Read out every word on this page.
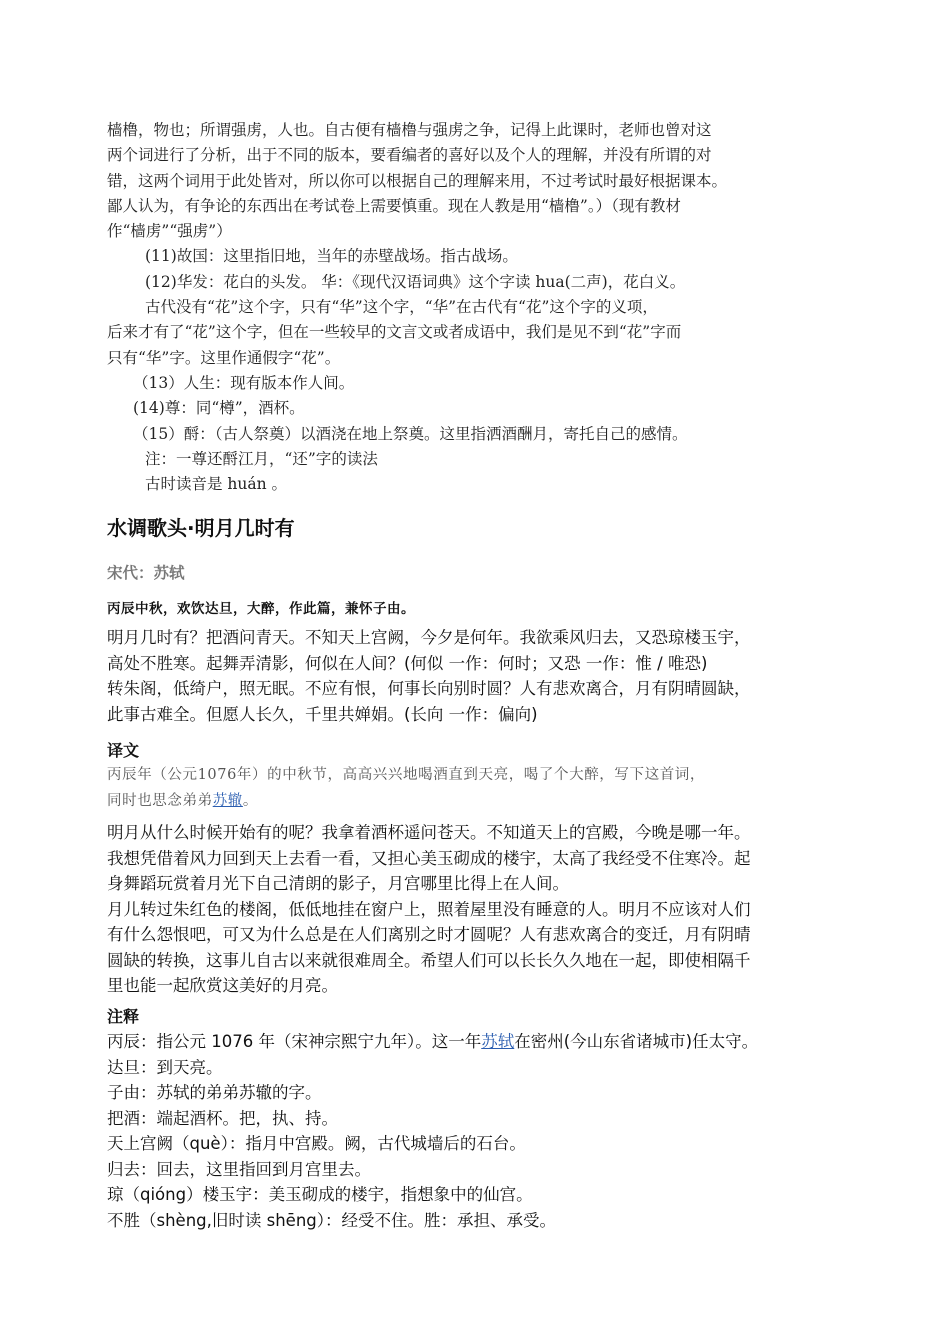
樯橹，物也；所谓强虏，人也。自古便有樯橹与强虏之争，记得上此课时，老师也曾对这

两个词进行了分析，出于不同的版本，要看编者的喜好以及个人的理解，并没有所谓的对

错，这两个词用于此处皆对，所以你可以根据自己的理解来用，不过考试时最好根据课本。

鄙人认为，有争论的东西出在考试卷上需要慎重。现在人教是用“樯橹”。）（现有教材

作“樯虏”“强虏”）

(11)故国：这里指旧地，当年的赤壁战场。指古战场。

(12)华发：花白的头发。 华：《现代汉语词典》这个字读 hua(二声)，花白义。

古代没有“花”这个字，只有“华”这个字，“华”在古代有“花”这个字的义项，

后来才有了“花”这个字，但在一些较早的文言文或者成语中，我们是见不到“花”字而

只有“华”字。这里作通假字“花”。

（13）人生：现有版本作人间。

(14)尊：同“樽”，酒杯。

（15）酹：（古人祭奠）以酒浇在地上祭奠。这里指洒酒酬月，寄托自己的感情。

注：一尊还酹江月，“还”字的读法

古时读音是 huán 。

水调歌头·明月几时有
宋代：苏轼
丙辰中秋，欢饮达旦，大醉，作此篇，兼怀子由。

明月几时有？把酒问青天。不知天上宫阙，今夕是何年。我欲乘风归去，又恐琼楼玉宇，

高处不胜寒。起舞弄清影，何似在人间？(何似 一作：何时；又恐 一作：惟 / 唯恐)

转朱阁，低绮户，照无眠。不应有恨，何事长向别时圆？人有悲欢离合，月有阴晴圆缺，

此事古难全。但愿人长久，千里共婵娟。(长向 一作：偏向)

译文

丙辰年（公元1076年）的中秋节，高高兴兴地喝酒直到天亮，喝了个大醉，写下这首词，

同时也思念弟弟苏辙。

明月从什么时候开始有的呢？我拿着酒杯遥问苍天。不知道天上的宫殿，今晚是哪一年。

我想凭借着风力回到天上去看一看，又担心美玉砌成的楼宇，太高了我经受不住寒冷。起

身舞蹈玩赏着月光下自己清朗的影子，月宫哪里比得上在人间。

月儿转过朱红色的楼阁，低低地挂在窗户上，照着屋里没有睡意的人。明月不应该对人们

有什么怨恨吧，可又为什么总是在人们离别之时才圆呢？人有悲欢离合的变迁，月有阴晴

圆缺的转换，这事儿自古以来就很难周全。希望人们可以长长久久地在一起，即使相隔千

里也能一起欣赏这美好的月亮。

注释

丙辰：指公元 1076 年（宋神宗熙宁九年）。这一年苏轼在密州(今山东省诸城市)任太守。

达旦：到天亮。

子由：苏轼的弟弟苏辙的字。

把酒：端起酒杯。把，执、持。

天上宫阙（què）：指月中宫殿。阙，古代城墙后的石台。

归去：回去，这里指回到月宫里去。

琼（qióng）楼玉宇：美玉砌成的楼宇，指想象中的仙宫。

不胜（shèng,旧时读 shēng）：经受不住。胜：承担、承受。
